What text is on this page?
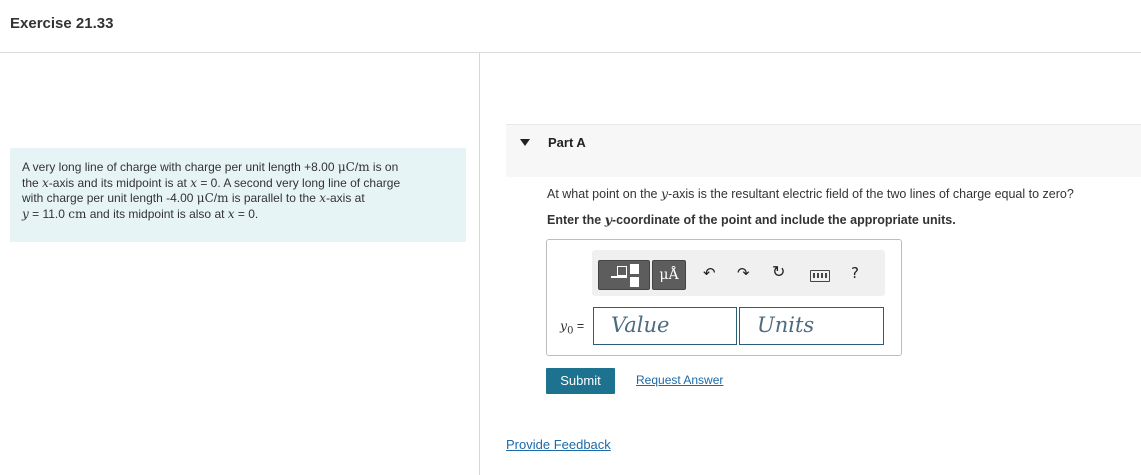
Exercise 21.33
A very long line of charge with charge per unit length +8.00 μC/m is on
the x-axis and its midpoint is at x = 0. A second very long line of charge
with charge per unit length -4.00 μC/m is parallel to the x-axis at
y = 11.0 cm and its midpoint is also at x = 0.
Part A
At what point on the y-axis is the resultant electric field of the two lines of charge equal to zero?
Enter the y-coordinate of the point and include the appropriate units.
μÅ	↶ ↷ ↻	?
$y_0$ =	Value	Units
Submit	Request Answer
Provide Feedback
